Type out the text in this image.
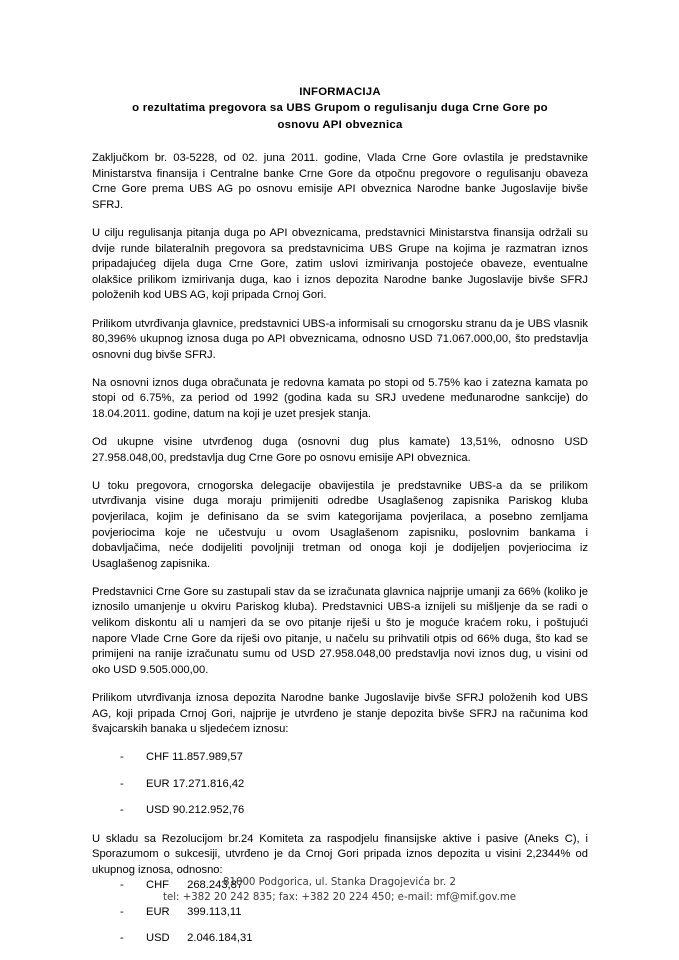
INFORMACIJA
o rezultatima pregovora sa UBS Grupom o regulisanju duga Crne Gore po
osnovu API obveznica

Zaključkom br. 03-5228, od 02. juna 2011. godine, Vlada Crne Gore ovlastila je predstavnike Ministarstva finansija i Centralne banke Crne Gore da otpočnu pregovore o regulisanju obaveza Crne Gore prema UBS AG po osnovu emisije API obveznica Narodne banke Jugoslavije bivše SFRJ.

U cilju regulisanja pitanja duga po API obveznicama, predstavnici Ministarstva finansija održali su dvije runde bilateralnih pregovora sa predstavnicima UBS Grupe na kojima je razmatran iznos pripadajućeg dijela duga Crne Gore, zatim uslovi izmirivanja postojeće obaveze, eventualne olakšice prilikom izmirivanja duga, kao i iznos depozita Narodne banke Jugoslavije bivše SFRJ položenih kod UBS AG, koji pripada Crnoj Gori.

Prilikom utvrđivanja glavnice, predstavnici UBS-a informisali su crnogorsku stranu da je UBS vlasnik 80,396% ukupnog iznosa duga po API obveznicama, odnosno USD 71.067.000,00, što predstavlja osnovni dug bivše SFRJ.

Na osnovni iznos duga obračunata je redovna kamata po stopi od 5.75% kao i zatezna kamata po stopi od 6.75%, za period od 1992 (godina kada su SRJ uvedene međunarodne sankcije) do 18.04.2011. godine, datum na koji je uzet presjek stanja.

Od ukupne visine utvrđenog duga (osnovni dug plus kamate) 13,51%, odnosno USD 27.958.048,00, predstavlja dug Crne Gore po osnovu emisije API obveznica.

U toku pregovora, crnogorska delegacije obavijestila je predstavnike UBS-a da se prilikom utvrđivanja visine duga moraju primijeniti odredbe Usaglašenog zapisnika Pariskog kluba povjerilaca, kojim je definisano da se svim kategorijama povjerilaca, a posebno zemljama povjeriocima koje ne učestvuju u ovom Usaglašenom zapisniku, poslovnim bankama i dobavljačima, neće dodijeliti povoljniji tretman od onoga koji je dodijeljen povjeriocima iz Usaglašenog zapisnika.

Predstavnici Crne Gore su zastupali stav da se izračunata glavnica najprije umanji za 66% (koliko je iznosilo umanjenje u okviru Pariskog kluba). Predstavnici UBS-a iznijeli su mišljenje da se radi o velikom diskontu ali u namjeri da se ovo pitanje riješi u što je moguće kraćem roku, i poštujući napore Vlade Crne Gore da riješi ovo pitanje, u načelu su prihvatili otpis od 66% duga, što kad se primijeni na ranije izračunatu sumu od USD 27.958.048,00 predstavlja novi iznos dug, u visini od oko USD 9.505.000,00.

Prilikom utvrđivanja iznosa depozita Narodne banke Jugoslavije bivše SFRJ položenih kod UBS AG, koji pripada Crnoj Gori, najprije je utvrđeno je stanje depozita bivše SFRJ na računima kod švajcarskih banaka u sljedećem iznosu:

- CHF 11.857.989,57
- EUR 17.271.816,42
- USD 90.212.952,76

U skladu sa Rezolucijom br.24 Komiteta za raspodjelu finansijske aktive i pasive (Aneks C), i Sporazumom o sukcesiji, utvrđeno je da Crnoj Gori pripada iznos depozita u visini 2,2344% od ukupnog iznosa, odnosno:

- CHF 268.243,87
- EUR 399.113,11
- USD 2.046.184,31
81000 Podgorica, ul. Stanka Dragojevića br. 2
tel: +382 20 242 835; fax: +382 20 224 450; e-mail: mf@mif.gov.me
